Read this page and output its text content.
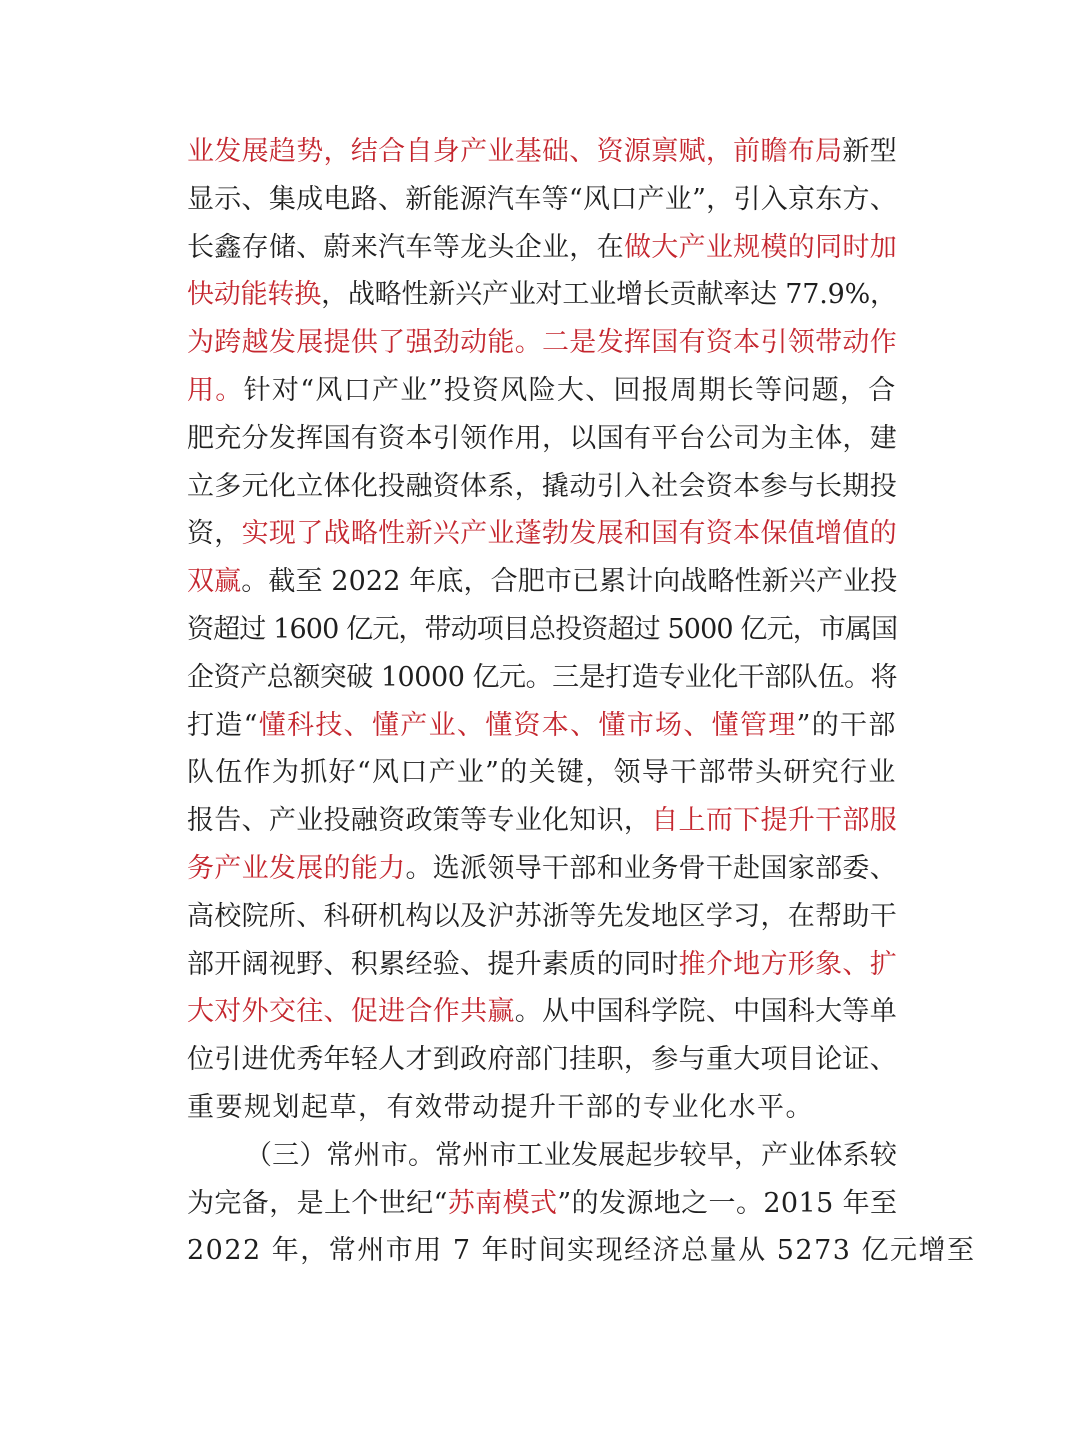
业发展趋势，结合自身产业基础、资源禀赋，前瞻布局新型
显示、集成电路、新能源汽车等“风口产业”，引入京东方、
长鑫存储、蔚来汽车等龙头企业，在做大产业规模的同时加
快动能转换，战略性新兴产业对工业增长贡献率达 77.9%，
为跨越发展提供了强劲动能。二是发挥国有资本引领带动作
用。针对“风口产业”投资风险大、回报周期长等问题，合
肥充分发挥国有资本引领作用，以国有平台公司为主体，建
立多元化立体化投融资体系，撬动引入社会资本参与长期投
资，实现了战略性新兴产业蓬勃发展和国有资本保值增值的
双赢。截至 2022 年底，合肥市已累计向战略性新兴产业投
资超过 1600 亿元，带动项目总投资超过 5000 亿元，市属国
企资产总额突破 10000 亿元。三是打造专业化干部队伍。将
打造“懂科技、懂产业、懂资本、懂市场、懂管理”的干部
队伍作为抓好“风口产业”的关键，领导干部带头研究行业
报告、产业投融资政策等专业化知识，自上而下提升干部服
务产业发展的能力。选派领导干部和业务骨干赴国家部委、
高校院所、科研机构以及沪苏浙等先发地区学习，在帮助干
部开阔视野、积累经验、提升素质的同时推介地方形象、扩
大对外交往、促进合作共赢。从中国科学院、中国科大等单
位引进优秀年轻人才到政府部门挂职，参与重大项目论证、
重要规划起草，有效带动提升干部的专业化水平。
（三）常州市。常州市工业发展起步较早，产业体系较
为完备，是上个世纪“苏南模式”的发源地之一。2015 年至
2022 年，常州市用 7 年时间实现经济总量从 5273 亿元增至
